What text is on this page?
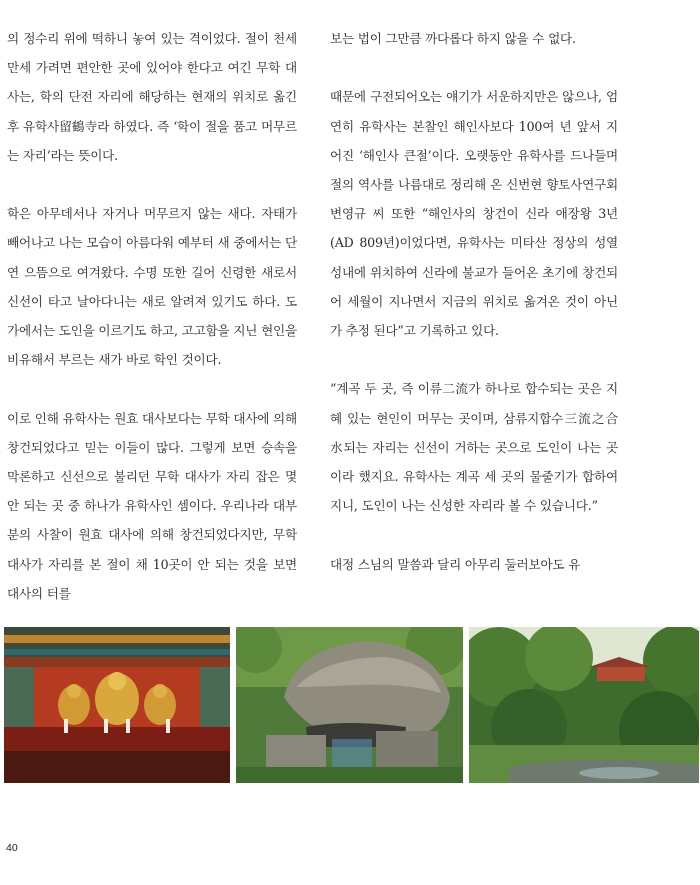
의 정수리 위에 떡하니 놓여 있는 격이었다. 절이 천세 만세 가려면 편안한 곳에 있어야 한다고 여긴 무학 대사는, 학의 단전 자리에 해당하는 현재의 위치로 옮긴 후 유학사留鶴寺라 하였다. 즉 ‘학이 절을 품고 머무르는 자리’라는 뜻이다.

학은 아무데서나 자거나 머무르지 않는 새다. 자태가 빼어나고 나는 모습이 아름다워 예부터 새 중에서는 단연 으뜸으로 여겨왔다. 수명 또한 길어 신령한 새로서 신선이 타고 날아다니는 새로 알려져 있기도 하다. 도가에서는 도인을 이르기도 하고, 고고함을 지닌 현인을 비유해서 부르는 새가 바로 학인 것이다.

이로 인해 유학사는 원효 대사보다는 무학 대사에 의해 창건되었다고 믿는 이들이 많다. 그렇게 보면 승속을 막론하고 신선으로 불리던 무학 대사가 자리 잡은 몇 안 되는 곳 중 하나가 유학사인 셈이다. 우리나라 대부분의 사찰이 원효 대사에 의해 창건되었다지만, 무학 대사가 자리를 본 절이 채 10곳이 안 되는 것을 보면 대사의 터를

보는 법이 그만큼 까다롭다 하지 않을 수 없다.

때문에 구전되어오는 얘기가 서운하지만은 않으나, 엄연히 유학사는 본찰인 해인사보다 100여 년 앞서 지어진 ‘해인사 큰절’이다. 오랫동안 유학사를 드나들며 절의 역사를 나름대로 정리해 온 신번현 향토사연구회 변영규 씨 또한 “해인사의 창건이 신라 애장왕 3년(AD 809년)이었다면, 유학사는 미타산 정상의 성열 성내에 위치하여 신라에 불교가 들어온 초기에 창건되어 세월이 지나면서 지금의 위치로 옮겨온 것이 아닌 가 추정 된다”고 기록하고 있다.

“계곡 두 곳, 즉 이류二流가 하나로 합수되는 곳은 지혜 있는 현인이 머무는 곳이며, 삼류지합수三流之合水되는 자리는 신선이 거하는 곳으로 도인이 나는 곳이라 했지요. 유학사는 계곡 세 곳의 물줄기가 합하여지니, 도인이 나는 신성한 자리라 볼 수 있습니다.”

대정 스님의 말씀과 달리 아무리 둘러보아도 유

40
